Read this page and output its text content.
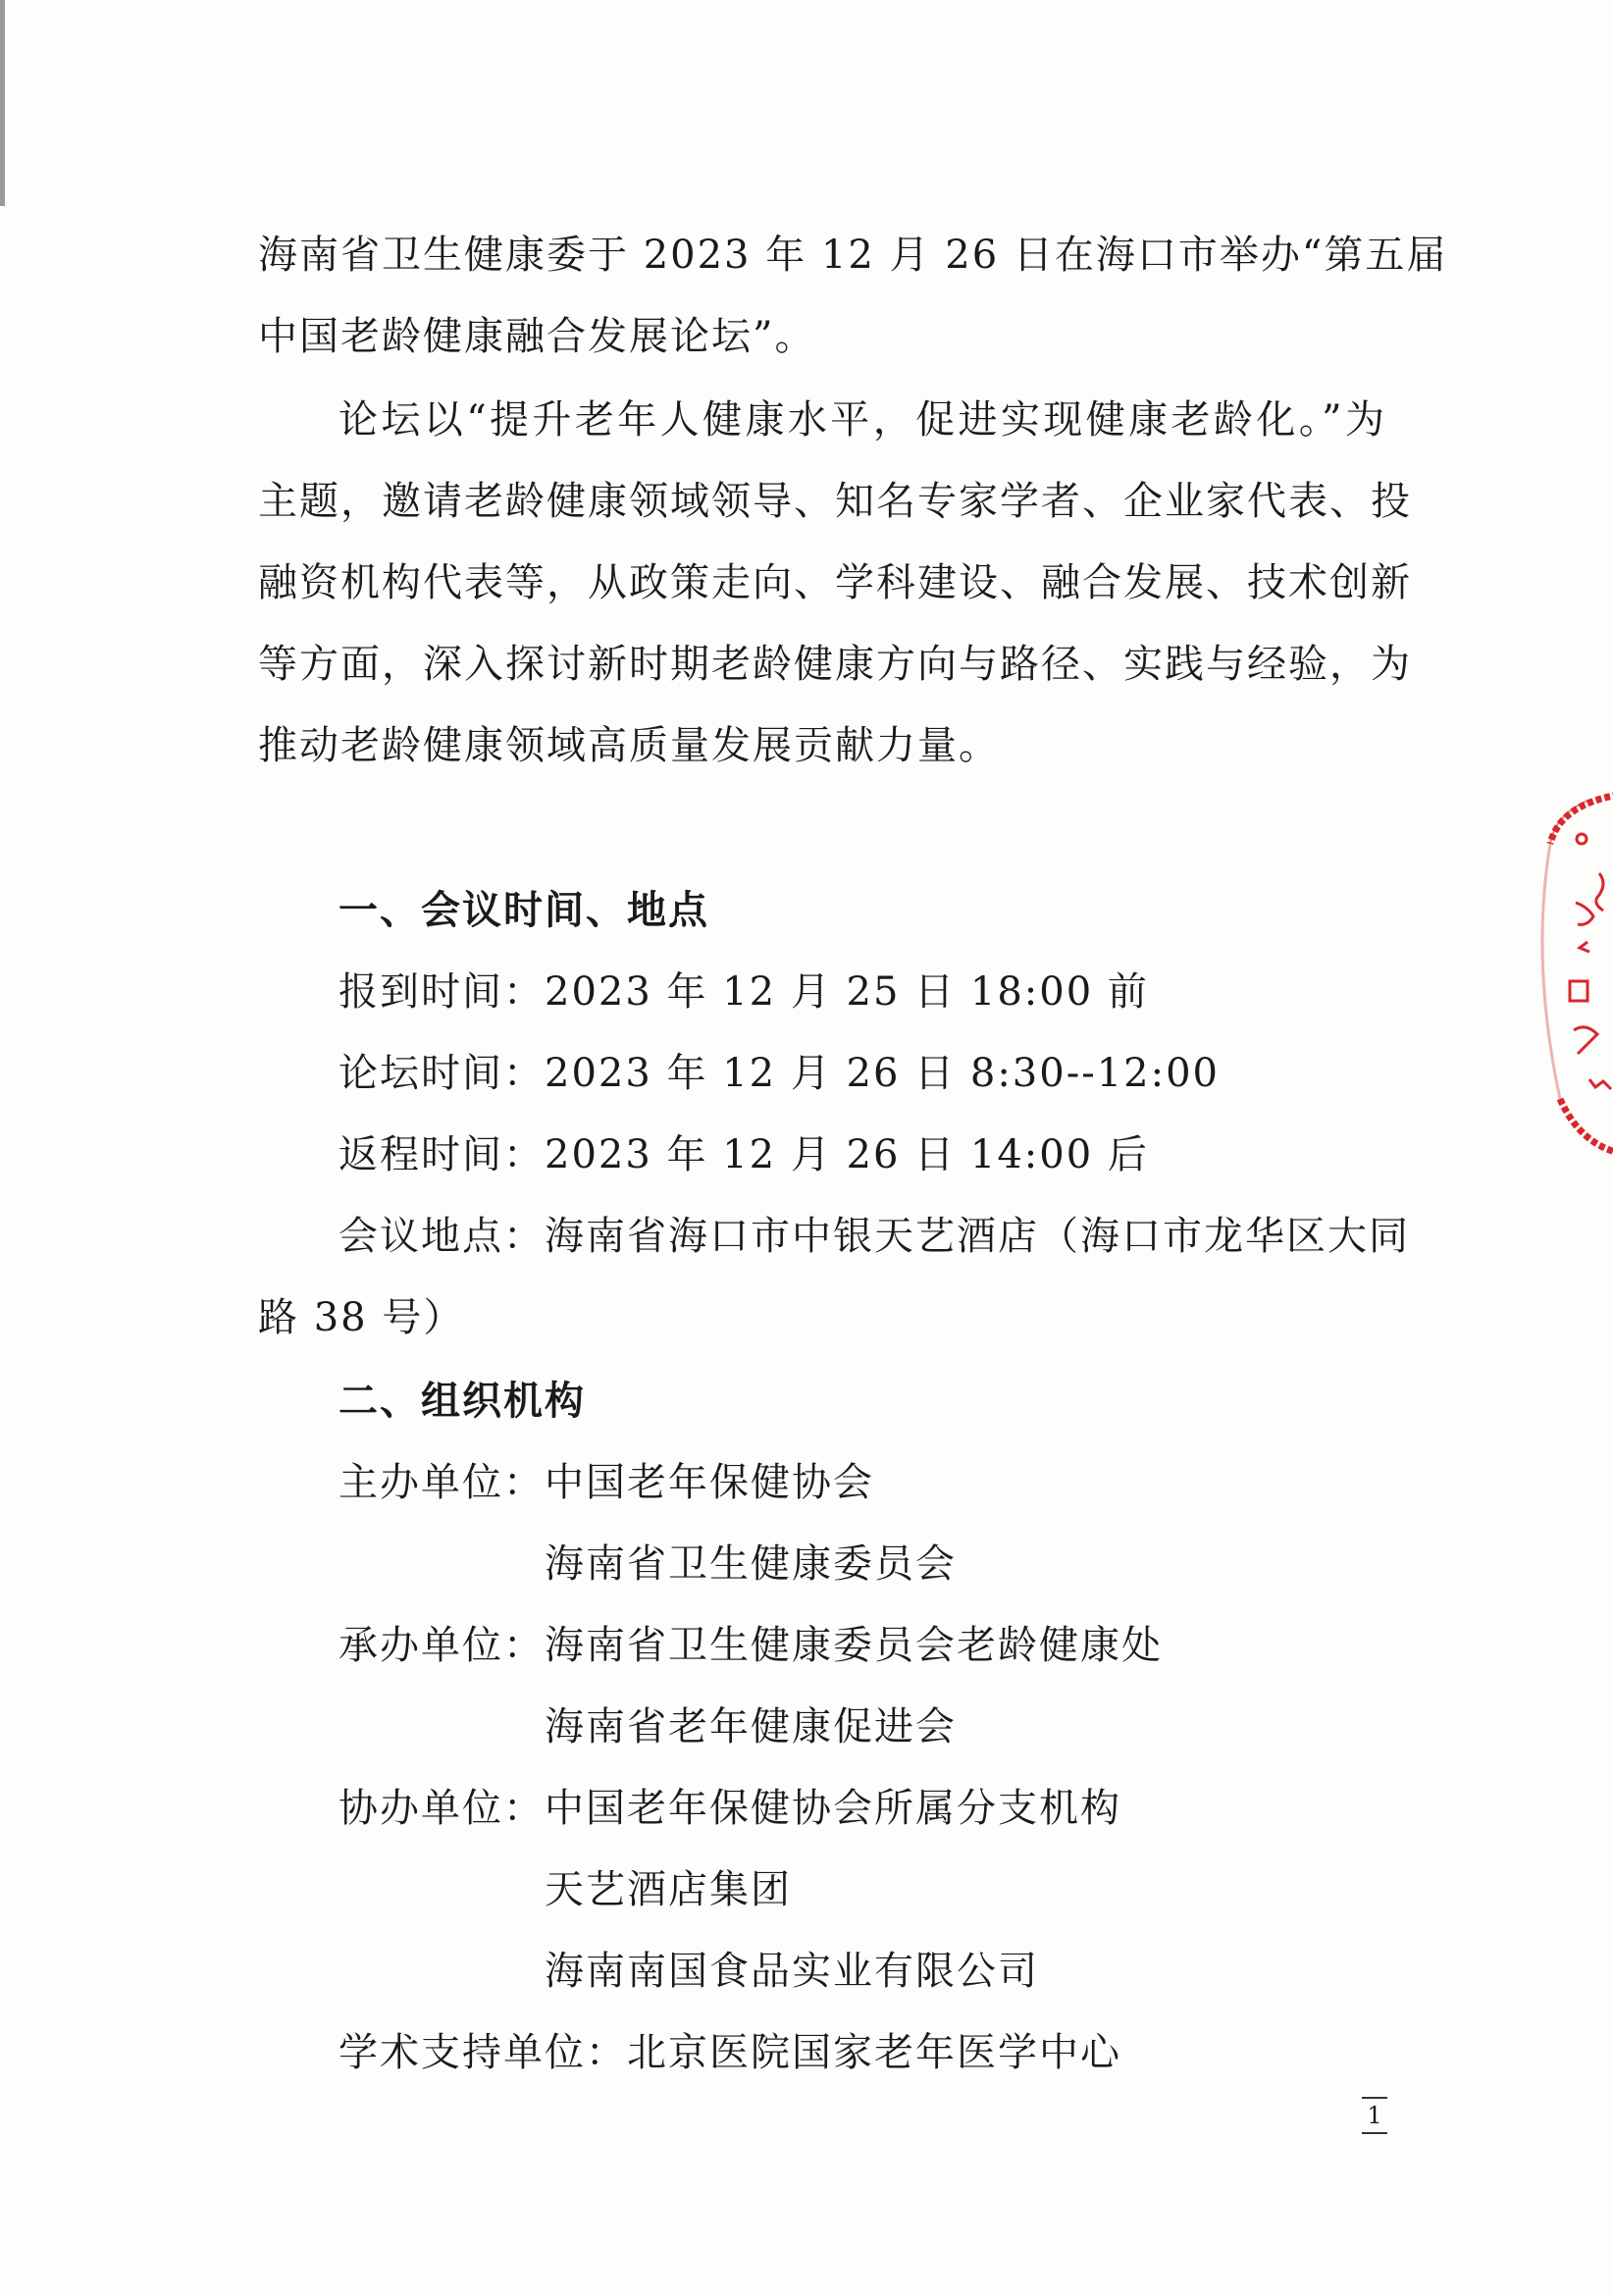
海南省卫生健康委于 2023 年 12 月 26 日在海口市举办“第五届
中国老龄健康融合发展论坛”。
论坛以“提升老年人健康水平，促进实现健康老龄化。”为
主题，邀请老龄健康领域领导、知名专家学者、企业家代表、投
融资机构代表等，从政策走向、学科建设、融合发展、技术创新
等方面，深入探讨新时期老龄健康方向与路径、实践与经验，为
推动老龄健康领域高质量发展贡献力量。
一、会议时间、地点
报到时间：2023 年 12 月 25 日 18:00 前
论坛时间：2023 年 12 月 26 日 8:30--12:00
返程时间：2023 年 12 月 26 日 14:00 后
会议地点：海南省海口市中银天艺酒店（海口市龙华区大同
路 38 号）
二、组织机构
主办单位： 中国老年保健协会
海南省卫生健康委员会
承办单位： 海南省卫生健康委员会老龄健康处
海南省老年健康促进会
协办单位： 中国老年保健协会所属分支机构
天艺酒店集团
海南南国食品实业有限公司
学术支持单位：北京医院国家老年医学中心
1
